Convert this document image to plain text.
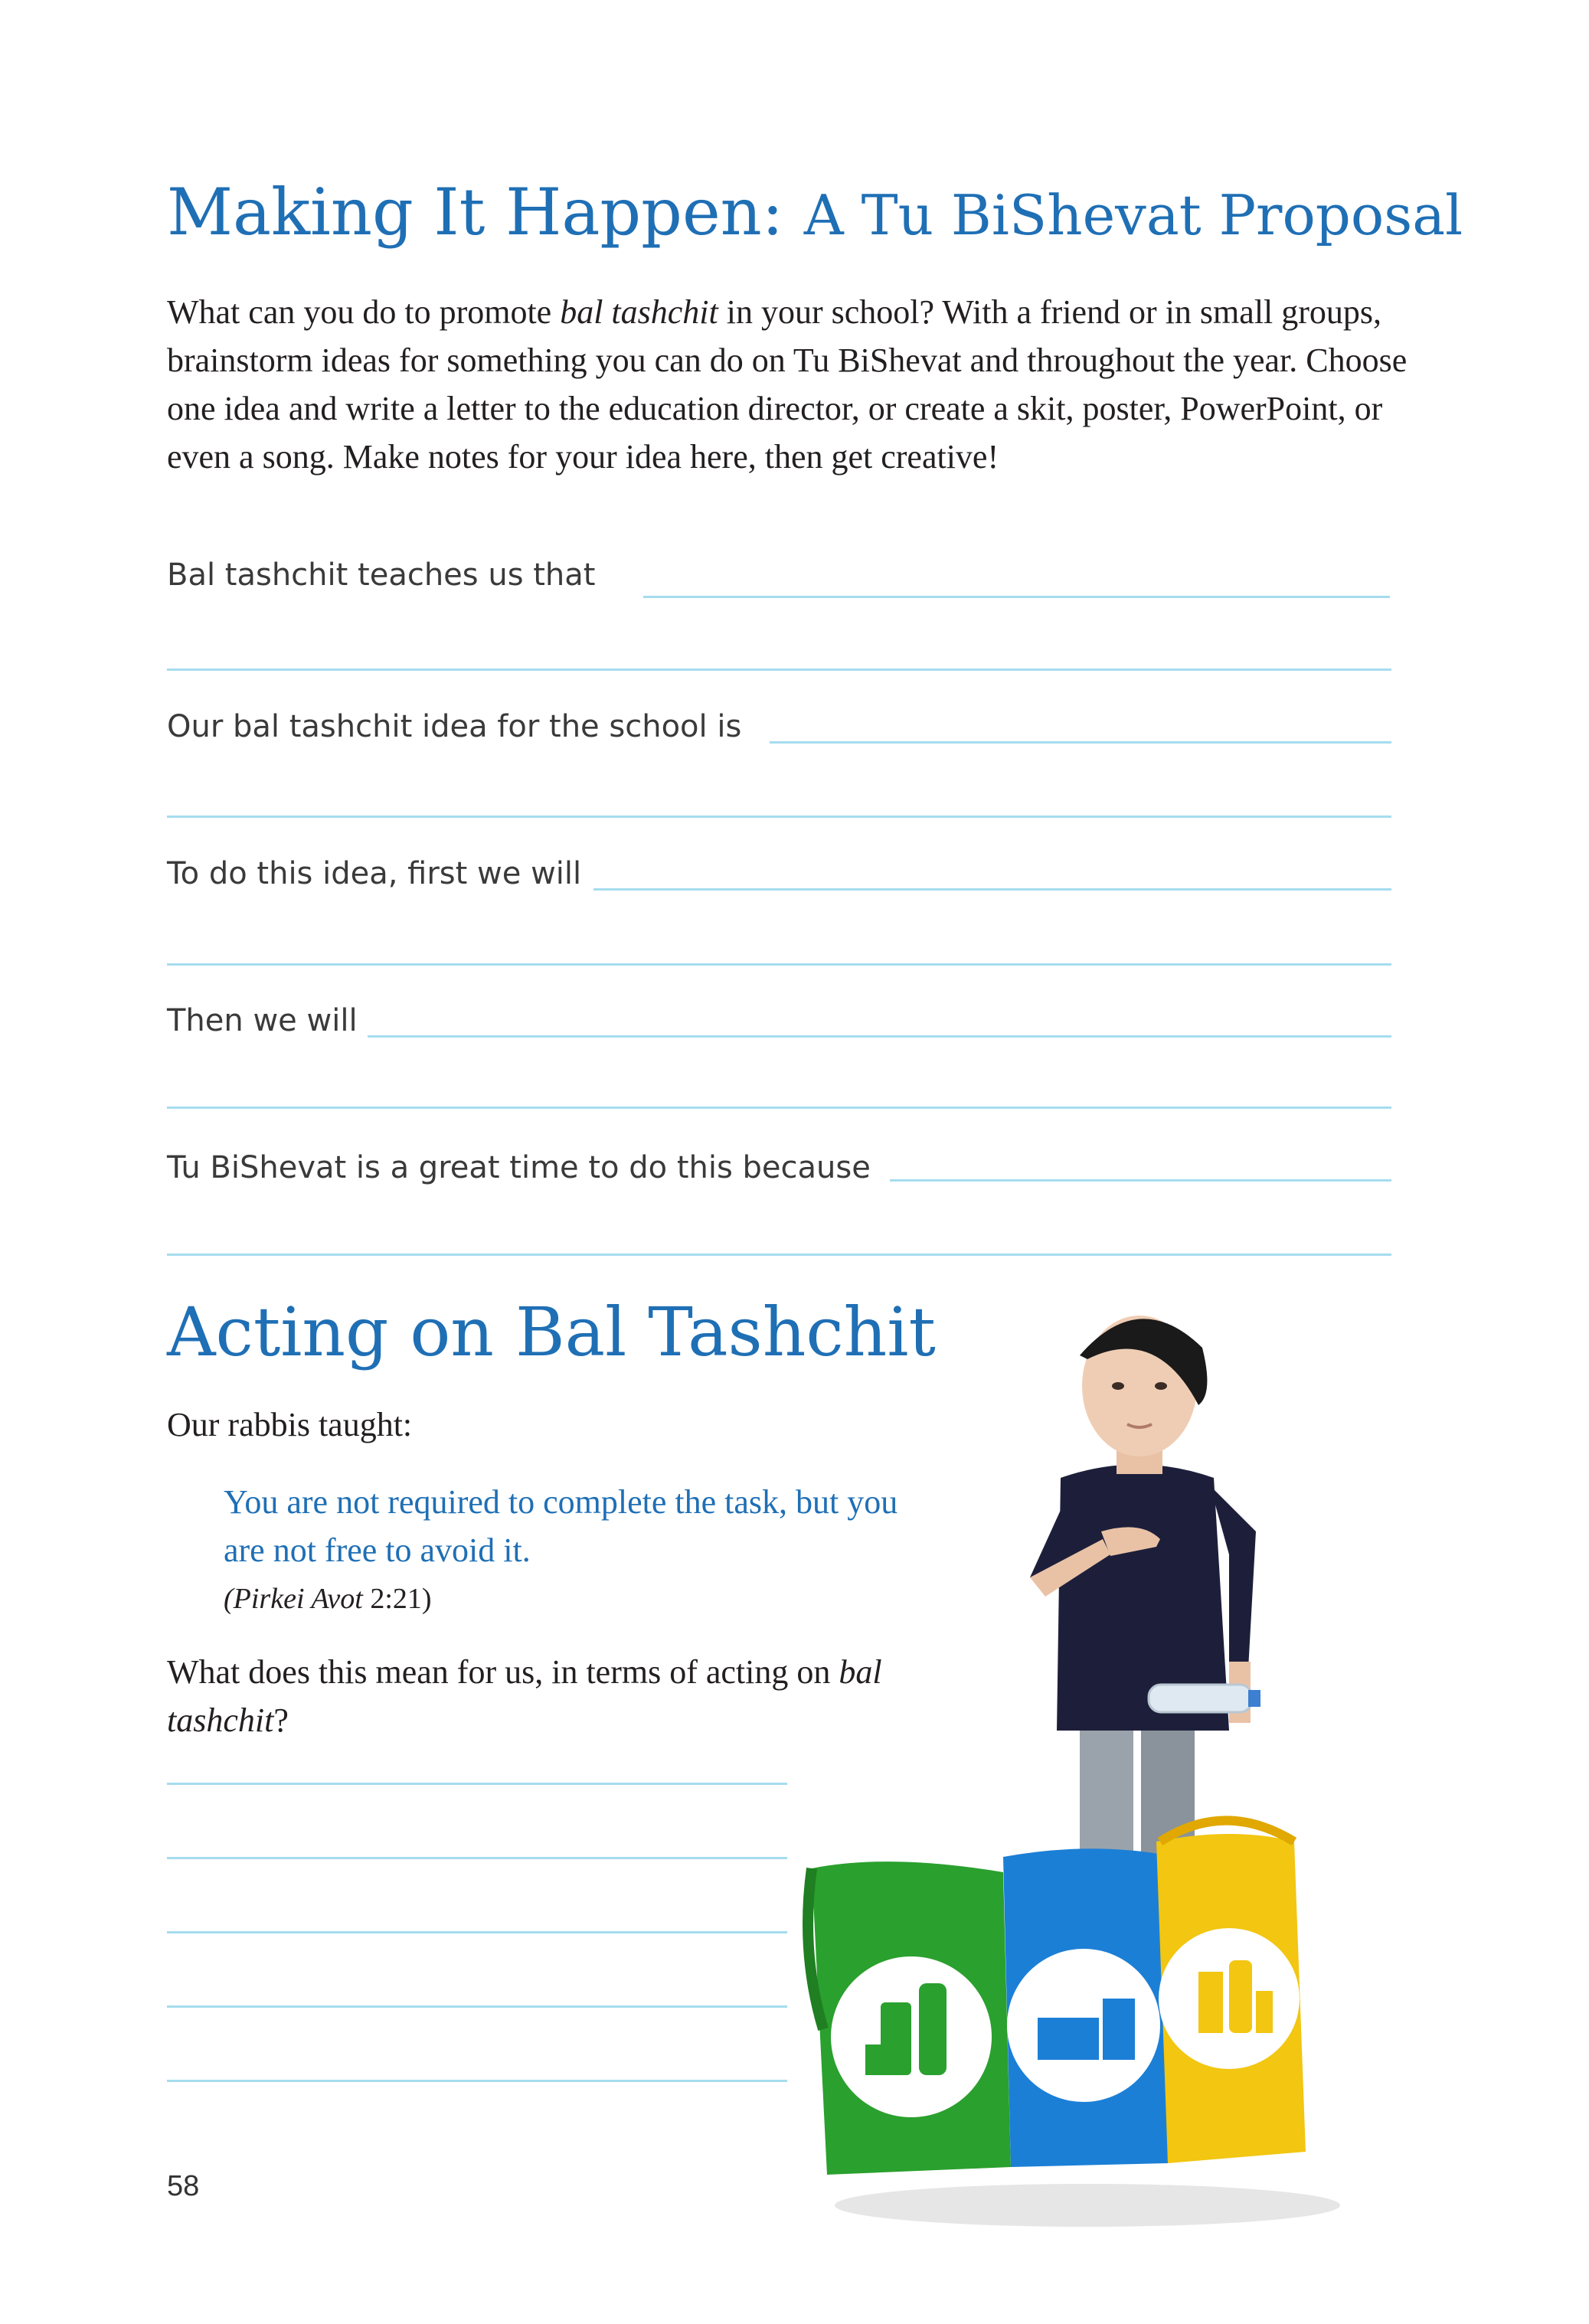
Making It Happen: A Tu BiShevat Proposal

What can you do to promote bal tashchit in your school? With a friend or in small groups, brainstorm ideas for something you can do on Tu BiShevat and throughout the year. Choose one idea and write a letter to the education director, or create a skit, poster, PowerPoint, or even a song. Make notes for your idea here, then get creative!

Bal tashchit teaches us that
Our bal tashchit idea for the school is
To do this idea, first we will
Then we will
Tu BiShevat is a great time to do this because
Acting on Bal Tashchit
Our rabbis taught:

You are not required to complete the task, but you are not free to avoid it.

(Pirkei Avot 2:21)

What does this mean for us, in terms of acting on bal tashchit?

58
